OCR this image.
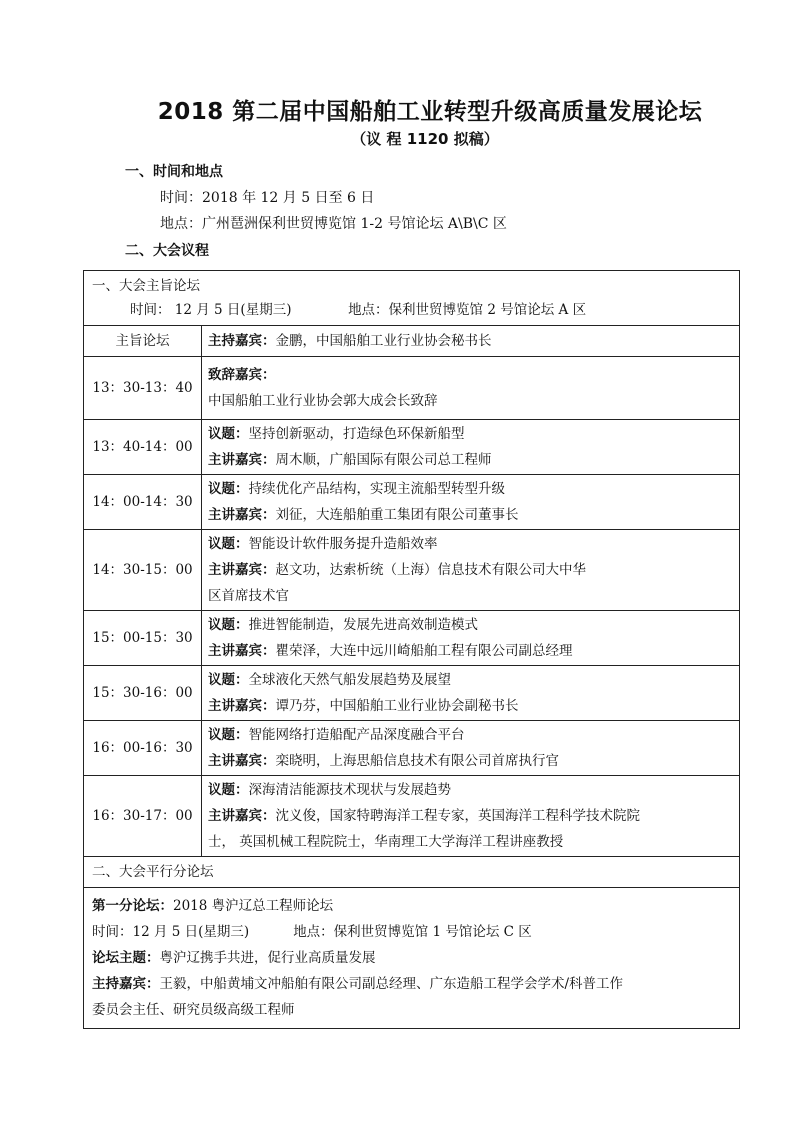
2018 第二届中国船舶工业转型升级高质量发展论坛
（议 程 1120 拟稿）
一、时间和地点
时间：2018 年 12 月 5 日至 6 日
地点：广州琶洲保利世贸博览馆 1-2 号馆论坛 A\B\C 区
二、大会议程
一、大会主旨论坛
时间： 12 月 5 日(星期三) 地点：保利世贸博览馆 2 号馆论坛 A 区	

主旨论坛	主持嘉宾：金鹏，中国船舶工业行业协会秘书长
13：30-13：40	致辞嘉宾：
中国船舶工业行业协会郭大成会长致辞

13：40-14：00	议题：坚持创新驱动，打造绿色环保新船型
主讲嘉宾：周木顺，广船国际有限公司总工程师

14：00-14：30	议题：持续优化产品结构，实现主流船型转型升级
主讲嘉宾：刘征，大连船舶重工集团有限公司董事长

14：30-15：00	议题：智能设计软件服务提升造船效率
主讲嘉宾：赵文功，达索析统（上海）信息技术有限公司大中华
区首席技术官

15：00-15：30	议题：推进智能制造，发展先进高效制造模式
主讲嘉宾：瞿荣泽，大连中远川崎船舶工程有限公司副总经理

15：30-16：00	议题：全球液化天然气船发展趋势及展望
主讲嘉宾：谭乃芬，中国船舶工业行业协会副秘书长

16：00-16：30	议题：智能网络打造船配产品深度融合平台
主讲嘉宾：栾晓明，上海思船信息技术有限公司首席执行官

16：30-17：00	议题：深海清洁能源技术现状与发展趋势
主讲嘉宾：沈义俊，国家特聘海洋工程专家，英国海洋工程科学技术院院
士， 英国机械工程院院士，华南理工大学海洋工程讲座教授

二、大会平行分论坛	

第一分论坛：2018 粤沪辽总工程师论坛
时间：12 月 5 日(星期三) 地点：保利世贸博览馆 1 号馆论坛 C 区
论坛主题：粤沪辽携手共进，促行业高质量发展
主持嘉宾：王毅，中船黄埔文冲船舶有限公司副总经理、广东造船工程学会学术/科普工作
委员会主任、研究员级高级工程师	
